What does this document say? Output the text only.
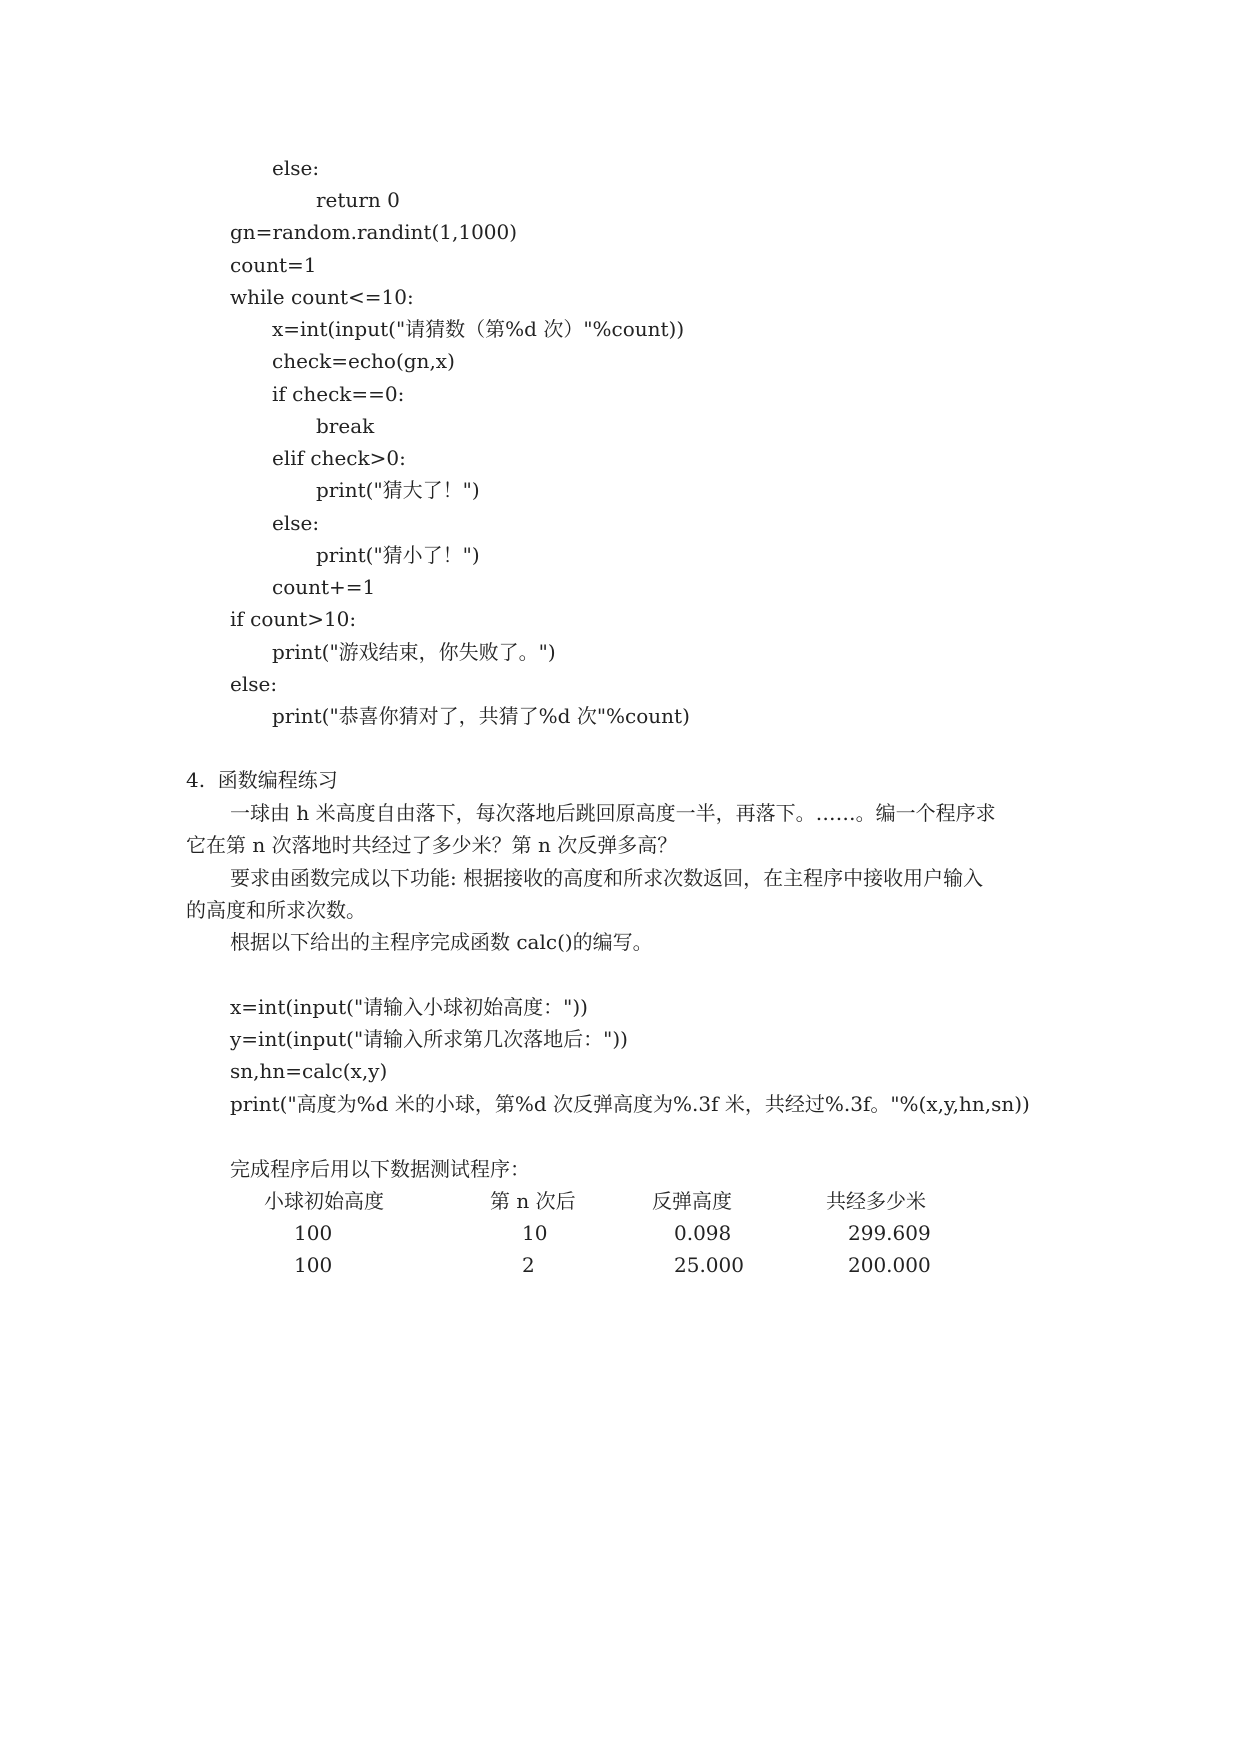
else:
return 0
gn=random.randint(1,1000)
count=1
while count<=10:
x=int(input("请猜数（第%d 次）"%count))
check=echo(gn,x)
if check==0:
break
elif check>0:
print("猜大了！")
else:
print("猜小了！")
count+=1
if count>10:
print("游戏结束，你失败了。")
else:
print("恭喜你猜对了，共猜了%d 次"%count)
4.  函数编程练习
一球由 h 米高度自由落下，每次落地后跳回原高度一半，再落下。……。编一个程序求
它在第 n 次落地时共经过了多少米？第 n 次反弹多高？
要求由函数完成以下功能: 根据接收的高度和所求次数返回，在主程序中接收用户输入
的高度和所求次数。
根据以下给出的主程序完成函数 calc()的编写。
x=int(input("请输入小球初始高度："))
y=int(input("请输入所求第几次落地后："))
sn,hn=calc(x,y)
print("高度为%d 米的小球，第%d 次反弹高度为%.3f 米，共经过%.3f。"%(x,y,hn,sn))
完成程序后用以下数据测试程序：
小球初始高度	第 n 次后	反弹高度	共经多少米
100	10	0.098	299.609
100	2	25.000	200.000
